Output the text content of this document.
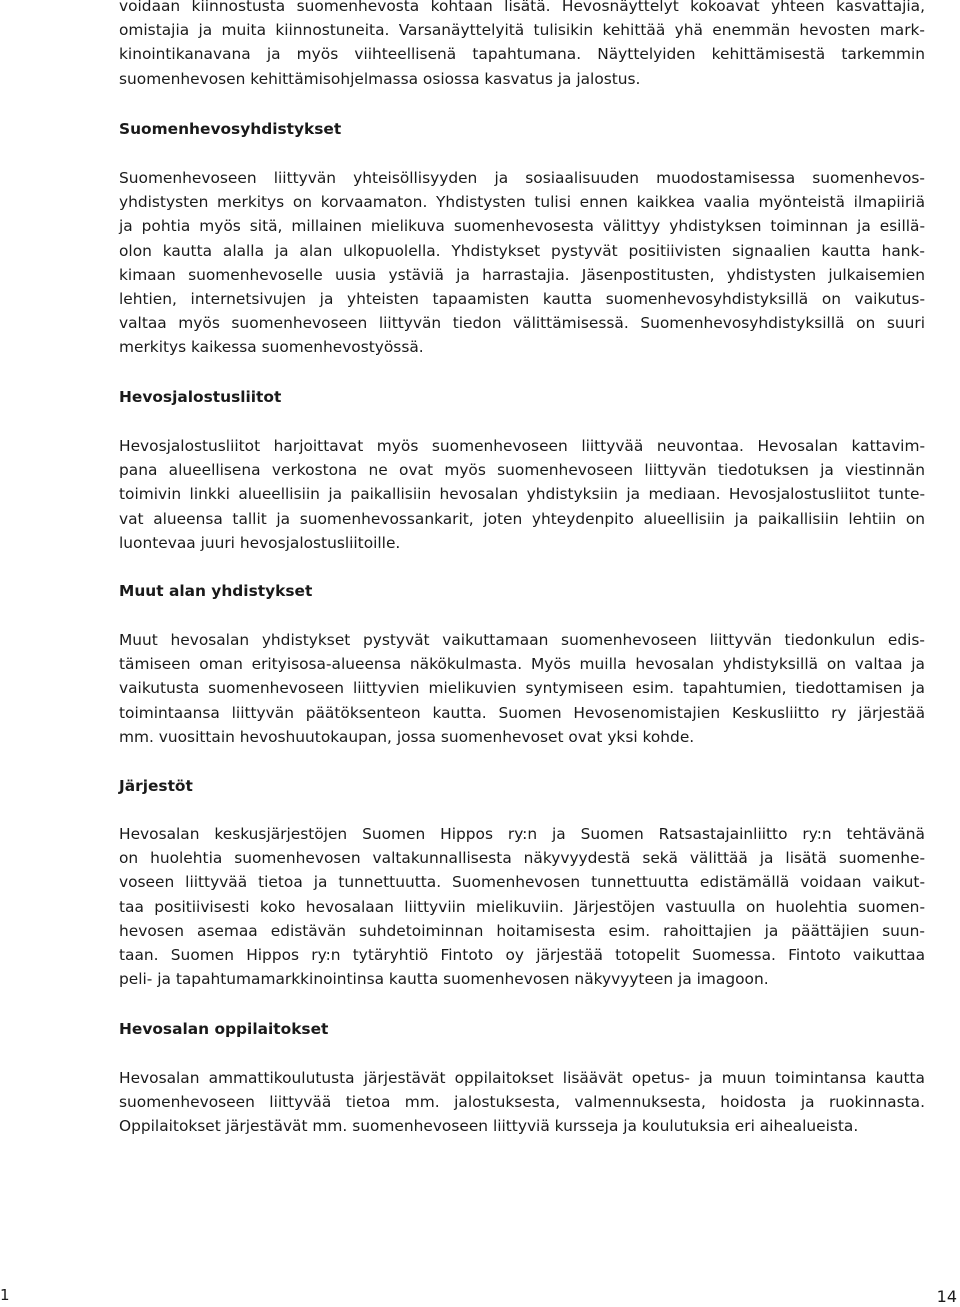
voidaan kiinnostusta suomenhevosta kohtaan lisätä. Hevosnäyttelyt kokoavat yhteen kasvattajia,
omistajia ja muita kiinnostuneita. Varsanäyttelyitä tulisikin kehittää yhä enemmän hevosten mark-
kinointikanavana ja myös viihteellisenä tapahtumana. Näyttelyiden kehittämisestä tarkemmin
suomenhevosen kehittämisohjelmassa osiossa kasvatus ja jalostus.
Suomenhevosyhdistykset
Suomenhevoseen liittyvän yhteisöllisyyden ja sosiaalisuuden muodostamisessa suomenhevos-
yhdistysten merkitys on korvaamaton. Yhdistysten tulisi ennen kaikkea vaalia myönteistä ilmapiiriä
ja pohtia myös sitä, millainen mielikuva suomenhevosesta välittyy yhdistyksen toiminnan ja esillä-
olon kautta alalla ja alan ulkopuolella. Yhdistykset pystyvät positiivisten signaalien kautta hank-
kimaan suomenhevoselle uusia ystäviä ja harrastajia. Jäsenpostitusten, yhdistysten julkaisemien
lehtien, internetsivujen ja yhteisten tapaamisten kautta suomenhevosyhdistyksillä on vaikutus-
valtaa myös suomenhevoseen liittyvän tiedon välittämisessä. Suomenhevosyhdistyksillä on suuri
merkitys kaikessa suomenhevostyössä.
Hevosjalostusliitot
Hevosjalostusliitot harjoittavat myös suomenhevoseen liittyvää neuvontaa. Hevosalan kattavim-
pana alueellisena verkostona ne ovat myös suomenhevoseen liittyvän tiedotuksen ja viestinnän
toimivin linkki alueellisiin ja paikallisiin hevosalan yhdistyksiin ja mediaan. Hevosjalostusliitot tunte-
vat alueensa tallit ja suomenhevossankarit, joten yhteydenpito alueellisiin ja paikallisiin lehtiin on
luontevaa juuri hevosjalostusliitoille.
Muut alan yhdistykset
Muut hevosalan yhdistykset pystyvät vaikuttamaan suomenhevoseen liittyvän tiedonkulun edis-
tämiseen oman erityisosa-alueensa näkökulmasta. Myös muilla hevosalan yhdistyksillä on valtaa ja
vaikutusta suomenhevoseen liittyvien mielikuvien syntymiseen esim. tapahtumien, tiedottamisen ja
toimintaansa liittyvän päätöksenteon kautta. Suomen Hevosenomistajien Keskusliitto ry järjestää
mm. vuosittain hevoshuutokaupan, jossa suomenhevoset ovat yksi kohde.
Järjestöt
Hevosalan keskusjärjestöjen Suomen Hippos ry:n ja Suomen Ratsastajainliitto ry:n tehtävänä
on huolehtia suomenhevosen valtakunnallisesta näkyvyydestä sekä välittää ja lisätä suomenhe-
voseen liittyvää tietoa ja tunnettuutta. Suomenhevosen tunnettuutta edistämällä voidaan vaikut-
taa positiivisesti koko hevosalaan liittyviin mielikuviin. Järjestöjen vastuulla on huolehtia suomen-
hevosen asemaa edistävän suhdetoiminnan hoitamisesta esim. rahoittajien ja päättäjien suun-
taan. Suomen Hippos ry:n tytäryhtiö Fintoto oy järjestää totopelit Suomessa. Fintoto vaikuttaa
peli- ja tapahtumamarkkinointinsa kautta suomenhevosen näkyvyyteen ja imagoon.
Hevosalan oppilaitokset
Hevosalan ammattikoulutusta järjestävät oppilaitokset lisäävät opetus- ja muun toimintansa kautta
suomenhevoseen liittyvää tietoa mm. jalostuksesta, valmennuksesta, hoidosta ja ruokinnasta.
Oppilaitokset järjestävät mm. suomenhevoseen liittyviä kursseja ja koulutuksia eri aihealueista.
1	14
